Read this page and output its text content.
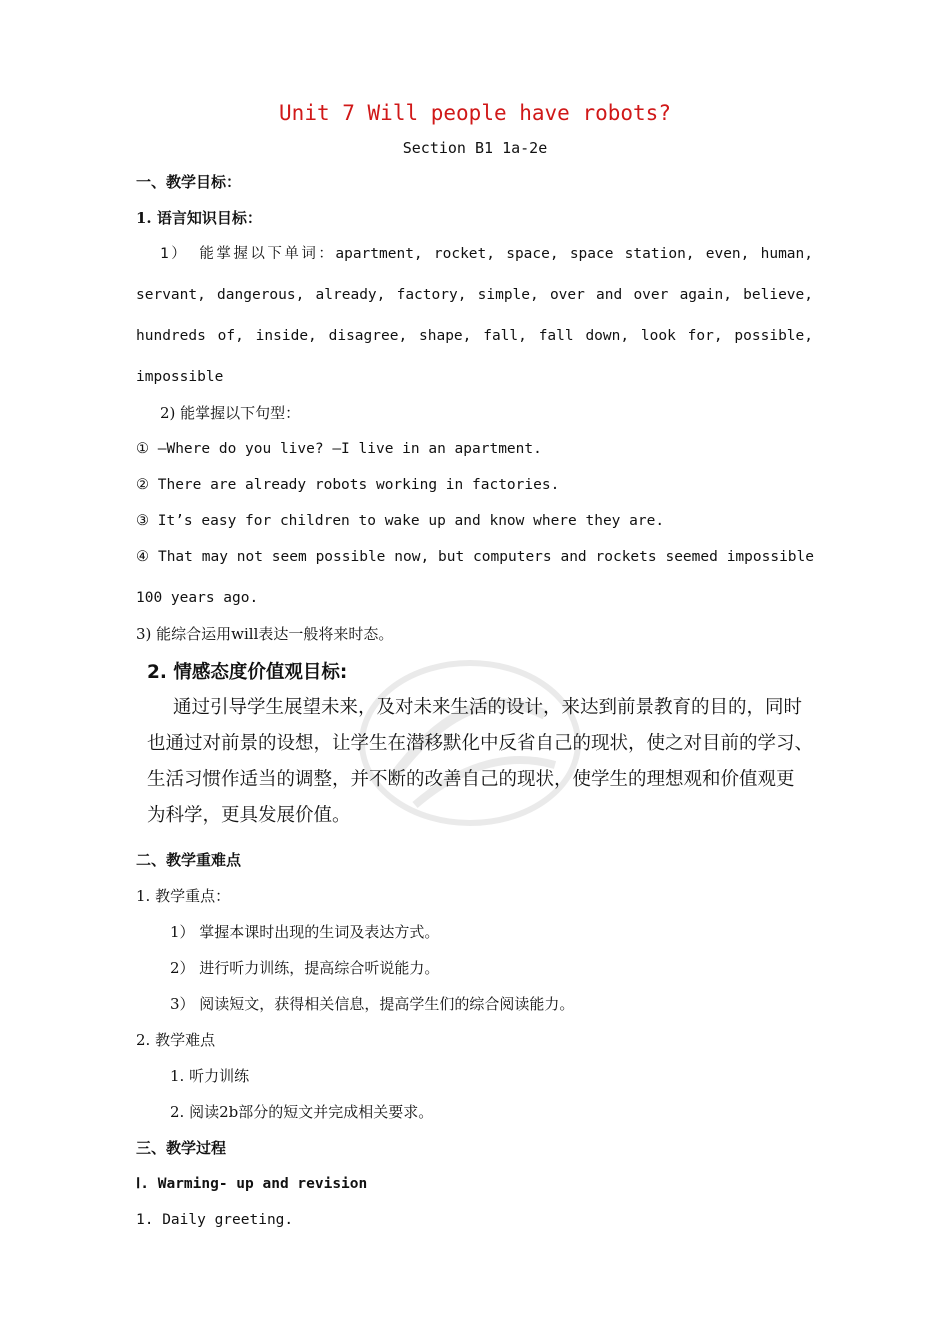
Unit 7 Will people have robots?
Section B1 1a-2e
一、教学目标：
1. 语言知识目标：
1） 能掌握以下单词：apartment, rocket, space, space station, even, human,
servant, dangerous, already, factory, simple, over and over again, believe,
hundreds of, inside, disagree, shape, fall, fall down, look for, possible,
impossible
2) 能掌握以下句型：
① —Where do you live? —I live in an apartment.
② There are already robots working in factories.
③ It’s easy for children to wake up and know where they are.
④ That may not seem possible now, but computers and rockets seemed impossible
100 years ago.
3) 能综合运用will表达一般将来时态。
2. 情感态度价值观目标:
通过引导学生展望未来，及对未来生活的设计，来达到前景教育的目的，同时
也通过对前景的设想，让学生在潜移默化中反省自己的现状，使之对目前的学习、
生活习惯作适当的调整，并不断的改善自己的现状，使学生的理想观和价值观更
为科学，更具发展价值。
二、教学重难点
1. 教学重点：
1） 掌握本课时出现的生词及表达方式。
2） 进行听力训练，提高综合听说能力。
3） 阅读短文，获得相关信息，提高学生们的综合阅读能力。
2. 教学难点
1. 听力训练
2. 阅读2b部分的短文并完成相关要求。
三、教学过程
Ⅰ. Warming- up and revision
1. Daily greeting.
